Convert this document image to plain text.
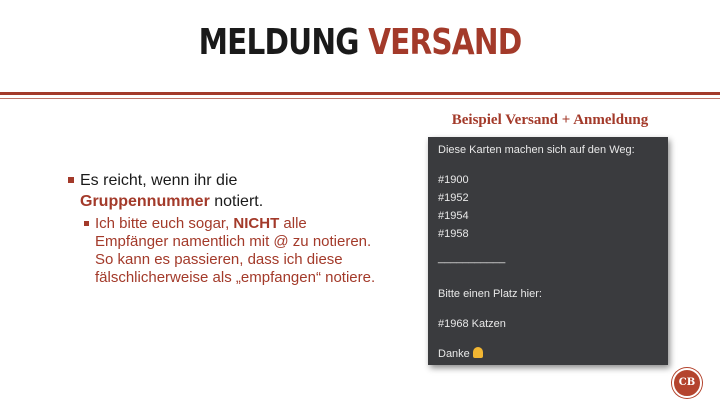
MELDUNG VERSAND
Es reicht, wenn ihr die
Gruppennummer notiert.
Ich bitte euch sogar, NICHT alle Empfänger namentlich mit @ zu notieren. So kann es passieren, dass ich diese fälschlicherweise als „empfangen“ notiere.
Beispiel Versand + Anmeldung
Diese Karten machen sich auf den Weg:
#1900
#1952
#1954
#1958
___________
Bitte einen Platz hier:
#1968 Katzen
Danke
CB
